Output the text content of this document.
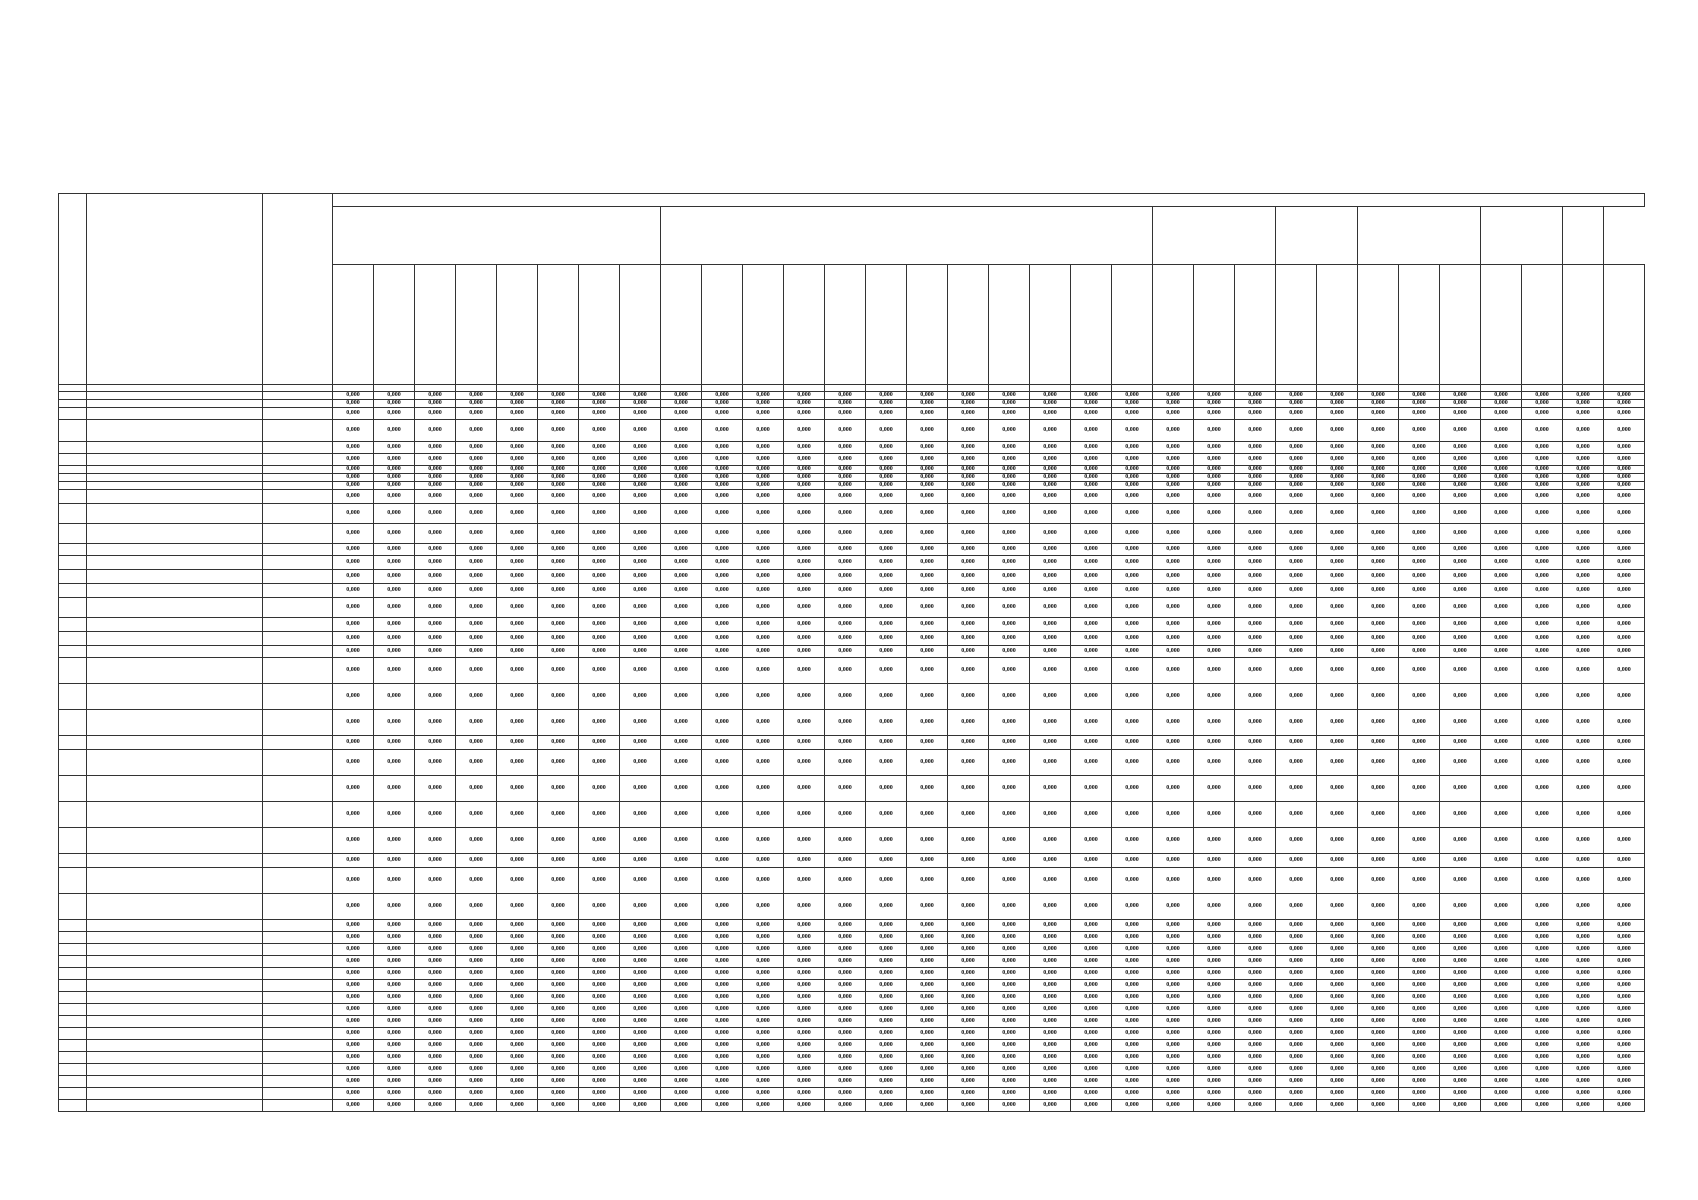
			0,000	0,000	0,000	0,000	0,000	0,000	0,000	0,000	0,000	0,000	0,000	0,000	0,000	0,000	0,000	0,000	0,000	0,000	0,000	0,000	0,000	0,000	0,000	0,000	0,000	0,000	0,000	0,000	0,000	0,000	0,000	0,000
			0,000	0,000	0,000	0,000	0,000	0,000	0,000	0,000	0,000	0,000	0,000	0,000	0,000	0,000	0,000	0,000	0,000	0,000	0,000	0,000	0,000	0,000	0,000	0,000	0,000	0,000	0,000	0,000	0,000	0,000	0,000	0,000
			0,000	0,000	0,000	0,000	0,000	0,000	0,000	0,000	0,000	0,000	0,000	0,000	0,000	0,000	0,000	0,000	0,000	0,000	0,000	0,000	0,000	0,000	0,000	0,000	0,000	0,000	0,000	0,000	0,000	0,000	0,000	0,000
			0,000	0,000	0,000	0,000	0,000	0,000	0,000	0,000	0,000	0,000	0,000	0,000	0,000	0,000	0,000	0,000	0,000	0,000	0,000	0,000	0,000	0,000	0,000	0,000	0,000	0,000	0,000	0,000	0,000	0,000	0,000	0,000
			0,000	0,000	0,000	0,000	0,000	0,000	0,000	0,000	0,000	0,000	0,000	0,000	0,000	0,000	0,000	0,000	0,000	0,000	0,000	0,000	0,000	0,000	0,000	0,000	0,000	0,000	0,000	0,000	0,000	0,000	0,000	0,000
			0,000	0,000	0,000	0,000	0,000	0,000	0,000	0,000	0,000	0,000	0,000	0,000	0,000	0,000	0,000	0,000	0,000	0,000	0,000	0,000	0,000	0,000	0,000	0,000	0,000	0,000	0,000	0,000	0,000	0,000	0,000	0,000
			0,000	0,000	0,000	0,000	0,000	0,000	0,000	0,000	0,000	0,000	0,000	0,000	0,000	0,000	0,000	0,000	0,000	0,000	0,000	0,000	0,000	0,000	0,000	0,000	0,000	0,000	0,000	0,000	0,000	0,000	0,000	0,000
			0,000	0,000	0,000	0,000	0,000	0,000	0,000	0,000	0,000	0,000	0,000	0,000	0,000	0,000	0,000	0,000	0,000	0,000	0,000	0,000	0,000	0,000	0,000	0,000	0,000	0,000	0,000	0,000	0,000	0,000	0,000	0,000
			0,000	0,000	0,000	0,000	0,000	0,000	0,000	0,000	0,000	0,000	0,000	0,000	0,000	0,000	0,000	0,000	0,000	0,000	0,000	0,000	0,000	0,000	0,000	0,000	0,000	0,000	0,000	0,000	0,000	0,000	0,000	0,000
			0,000	0,000	0,000	0,000	0,000	0,000	0,000	0,000	0,000	0,000	0,000	0,000	0,000	0,000	0,000	0,000	0,000	0,000	0,000	0,000	0,000	0,000	0,000	0,000	0,000	0,000	0,000	0,000	0,000	0,000	0,000	0,000
			0,000	0,000	0,000	0,000	0,000	0,000	0,000	0,000	0,000	0,000	0,000	0,000	0,000	0,000	0,000	0,000	0,000	0,000	0,000	0,000	0,000	0,000	0,000	0,000	0,000	0,000	0,000	0,000	0,000	0,000	0,000	0,000
			0,000	0,000	0,000	0,000	0,000	0,000	0,000	0,000	0,000	0,000	0,000	0,000	0,000	0,000	0,000	0,000	0,000	0,000	0,000	0,000	0,000	0,000	0,000	0,000	0,000	0,000	0,000	0,000	0,000	0,000	0,000	0,000
			0,000	0,000	0,000	0,000	0,000	0,000	0,000	0,000	0,000	0,000	0,000	0,000	0,000	0,000	0,000	0,000	0,000	0,000	0,000	0,000	0,000	0,000	0,000	0,000	0,000	0,000	0,000	0,000	0,000	0,000	0,000	0,000
			0,000	0,000	0,000	0,000	0,000	0,000	0,000	0,000	0,000	0,000	0,000	0,000	0,000	0,000	0,000	0,000	0,000	0,000	0,000	0,000	0,000	0,000	0,000	0,000	0,000	0,000	0,000	0,000	0,000	0,000	0,000	0,000
			0,000	0,000	0,000	0,000	0,000	0,000	0,000	0,000	0,000	0,000	0,000	0,000	0,000	0,000	0,000	0,000	0,000	0,000	0,000	0,000	0,000	0,000	0,000	0,000	0,000	0,000	0,000	0,000	0,000	0,000	0,000	0,000
			0,000	0,000	0,000	0,000	0,000	0,000	0,000	0,000	0,000	0,000	0,000	0,000	0,000	0,000	0,000	0,000	0,000	0,000	0,000	0,000	0,000	0,000	0,000	0,000	0,000	0,000	0,000	0,000	0,000	0,000	0,000	0,000
			0,000	0,000	0,000	0,000	0,000	0,000	0,000	0,000	0,000	0,000	0,000	0,000	0,000	0,000	0,000	0,000	0,000	0,000	0,000	0,000	0,000	0,000	0,000	0,000	0,000	0,000	0,000	0,000	0,000	0,000	0,000	0,000
			0,000	0,000	0,000	0,000	0,000	0,000	0,000	0,000	0,000	0,000	0,000	0,000	0,000	0,000	0,000	0,000	0,000	0,000	0,000	0,000	0,000	0,000	0,000	0,000	0,000	0,000	0,000	0,000	0,000	0,000	0,000	0,000
			0,000	0,000	0,000	0,000	0,000	0,000	0,000	0,000	0,000	0,000	0,000	0,000	0,000	0,000	0,000	0,000	0,000	0,000	0,000	0,000	0,000	0,000	0,000	0,000	0,000	0,000	0,000	0,000	0,000	0,000	0,000	0,000
			0,000	0,000	0,000	0,000	0,000	0,000	0,000	0,000	0,000	0,000	0,000	0,000	0,000	0,000	0,000	0,000	0,000	0,000	0,000	0,000	0,000	0,000	0,000	0,000	0,000	0,000	0,000	0,000	0,000	0,000	0,000	0,000
			0,000	0,000	0,000	0,000	0,000	0,000	0,000	0,000	0,000	0,000	0,000	0,000	0,000	0,000	0,000	0,000	0,000	0,000	0,000	0,000	0,000	0,000	0,000	0,000	0,000	0,000	0,000	0,000	0,000	0,000	0,000	0,000
			0,000	0,000	0,000	0,000	0,000	0,000	0,000	0,000	0,000	0,000	0,000	0,000	0,000	0,000	0,000	0,000	0,000	0,000	0,000	0,000	0,000	0,000	0,000	0,000	0,000	0,000	0,000	0,000	0,000	0,000	0,000	0,000
			0,000	0,000	0,000	0,000	0,000	0,000	0,000	0,000	0,000	0,000	0,000	0,000	0,000	0,000	0,000	0,000	0,000	0,000	0,000	0,000	0,000	0,000	0,000	0,000	0,000	0,000	0,000	0,000	0,000	0,000	0,000	0,000
			0,000	0,000	0,000	0,000	0,000	0,000	0,000	0,000	0,000	0,000	0,000	0,000	0,000	0,000	0,000	0,000	0,000	0,000	0,000	0,000	0,000	0,000	0,000	0,000	0,000	0,000	0,000	0,000	0,000	0,000	0,000	0,000
			0,000	0,000	0,000	0,000	0,000	0,000	0,000	0,000	0,000	0,000	0,000	0,000	0,000	0,000	0,000	0,000	0,000	0,000	0,000	0,000	0,000	0,000	0,000	0,000	0,000	0,000	0,000	0,000	0,000	0,000	0,000	0,000
			0,000	0,000	0,000	0,000	0,000	0,000	0,000	0,000	0,000	0,000	0,000	0,000	0,000	0,000	0,000	0,000	0,000	0,000	0,000	0,000	0,000	0,000	0,000	0,000	0,000	0,000	0,000	0,000	0,000	0,000	0,000	0,000
			0,000	0,000	0,000	0,000	0,000	0,000	0,000	0,000	0,000	0,000	0,000	0,000	0,000	0,000	0,000	0,000	0,000	0,000	0,000	0,000	0,000	0,000	0,000	0,000	0,000	0,000	0,000	0,000	0,000	0,000	0,000	0,000
			0,000	0,000	0,000	0,000	0,000	0,000	0,000	0,000	0,000	0,000	0,000	0,000	0,000	0,000	0,000	0,000	0,000	0,000	0,000	0,000	0,000	0,000	0,000	0,000	0,000	0,000	0,000	0,000	0,000	0,000	0,000	0,000
			0,000	0,000	0,000	0,000	0,000	0,000	0,000	0,000	0,000	0,000	0,000	0,000	0,000	0,000	0,000	0,000	0,000	0,000	0,000	0,000	0,000	0,000	0,000	0,000	0,000	0,000	0,000	0,000	0,000	0,000	0,000	0,000
			0,000	0,000	0,000	0,000	0,000	0,000	0,000	0,000	0,000	0,000	0,000	0,000	0,000	0,000	0,000	0,000	0,000	0,000	0,000	0,000	0,000	0,000	0,000	0,000	0,000	0,000	0,000	0,000	0,000	0,000	0,000	0,000
			0,000	0,000	0,000	0,000	0,000	0,000	0,000	0,000	0,000	0,000	0,000	0,000	0,000	0,000	0,000	0,000	0,000	0,000	0,000	0,000	0,000	0,000	0,000	0,000	0,000	0,000	0,000	0,000	0,000	0,000	0,000	0,000
			0,000	0,000	0,000	0,000	0,000	0,000	0,000	0,000	0,000	0,000	0,000	0,000	0,000	0,000	0,000	0,000	0,000	0,000	0,000	0,000	0,000	0,000	0,000	0,000	0,000	0,000	0,000	0,000	0,000	0,000	0,000	0,000
			0,000	0,000	0,000	0,000	0,000	0,000	0,000	0,000	0,000	0,000	0,000	0,000	0,000	0,000	0,000	0,000	0,000	0,000	0,000	0,000	0,000	0,000	0,000	0,000	0,000	0,000	0,000	0,000	0,000	0,000	0,000	0,000
			0,000	0,000	0,000	0,000	0,000	0,000	0,000	0,000	0,000	0,000	0,000	0,000	0,000	0,000	0,000	0,000	0,000	0,000	0,000	0,000	0,000	0,000	0,000	0,000	0,000	0,000	0,000	0,000	0,000	0,000	0,000	0,000
			0,000	0,000	0,000	0,000	0,000	0,000	0,000	0,000	0,000	0,000	0,000	0,000	0,000	0,000	0,000	0,000	0,000	0,000	0,000	0,000	0,000	0,000	0,000	0,000	0,000	0,000	0,000	0,000	0,000	0,000	0,000	0,000
			0,000	0,000	0,000	0,000	0,000	0,000	0,000	0,000	0,000	0,000	0,000	0,000	0,000	0,000	0,000	0,000	0,000	0,000	0,000	0,000	0,000	0,000	0,000	0,000	0,000	0,000	0,000	0,000	0,000	0,000	0,000	0,000
			0,000	0,000	0,000	0,000	0,000	0,000	0,000	0,000	0,000	0,000	0,000	0,000	0,000	0,000	0,000	0,000	0,000	0,000	0,000	0,000	0,000	0,000	0,000	0,000	0,000	0,000	0,000	0,000	0,000	0,000	0,000	0,000
			0,000	0,000	0,000	0,000	0,000	0,000	0,000	0,000	0,000	0,000	0,000	0,000	0,000	0,000	0,000	0,000	0,000	0,000	0,000	0,000	0,000	0,000	0,000	0,000	0,000	0,000	0,000	0,000	0,000	0,000	0,000	0,000
			0,000	0,000	0,000	0,000	0,000	0,000	0,000	0,000	0,000	0,000	0,000	0,000	0,000	0,000	0,000	0,000	0,000	0,000	0,000	0,000	0,000	0,000	0,000	0,000	0,000	0,000	0,000	0,000	0,000	0,000	0,000	0,000
			0,000	0,000	0,000	0,000	0,000	0,000	0,000	0,000	0,000	0,000	0,000	0,000	0,000	0,000	0,000	0,000	0,000	0,000	0,000	0,000	0,000	0,000	0,000	0,000	0,000	0,000	0,000	0,000	0,000	0,000	0,000	0,000
			0,000	0,000	0,000	0,000	0,000	0,000	0,000	0,000	0,000	0,000	0,000	0,000	0,000	0,000	0,000	0,000	0,000	0,000	0,000	0,000	0,000	0,000	0,000	0,000	0,000	0,000	0,000	0,000	0,000	0,000	0,000	0,000
			0,000	0,000	0,000	0,000	0,000	0,000	0,000	0,000	0,000	0,000	0,000	0,000	0,000	0,000	0,000	0,000	0,000	0,000	0,000	0,000	0,000	0,000	0,000	0,000	0,000	0,000	0,000	0,000	0,000	0,000	0,000	0,000
			0,000	0,000	0,000	0,000	0,000	0,000	0,000	0,000	0,000	0,000	0,000	0,000	0,000	0,000	0,000	0,000	0,000	0,000	0,000	0,000	0,000	0,000	0,000	0,000	0,000	0,000	0,000	0,000	0,000	0,000	0,000	0,000
			0,000	0,000	0,000	0,000	0,000	0,000	0,000	0,000	0,000	0,000	0,000	0,000	0,000	0,000	0,000	0,000	0,000	0,000	0,000	0,000	0,000	0,000	0,000	0,000	0,000	0,000	0,000	0,000	0,000	0,000	0,000	0,000
			0,000	0,000	0,000	0,000	0,000	0,000	0,000	0,000	0,000	0,000	0,000	0,000	0,000	0,000	0,000	0,000	0,000	0,000	0,000	0,000	0,000	0,000	0,000	0,000	0,000	0,000	0,000	0,000	0,000	0,000	0,000	0,000
			0,000	0,000	0,000	0,000	0,000	0,000	0,000	0,000	0,000	0,000	0,000	0,000	0,000	0,000	0,000	0,000	0,000	0,000	0,000	0,000	0,000	0,000	0,000	0,000	0,000	0,000	0,000	0,000	0,000	0,000	0,000	0,000
			0,000	0,000	0,000	0,000	0,000	0,000	0,000	0,000	0,000	0,000	0,000	0,000	0,000	0,000	0,000	0,000	0,000	0,000	0,000	0,000	0,000	0,000	0,000	0,000	0,000	0,000	0,000	0,000	0,000	0,000	0,000	0,000
